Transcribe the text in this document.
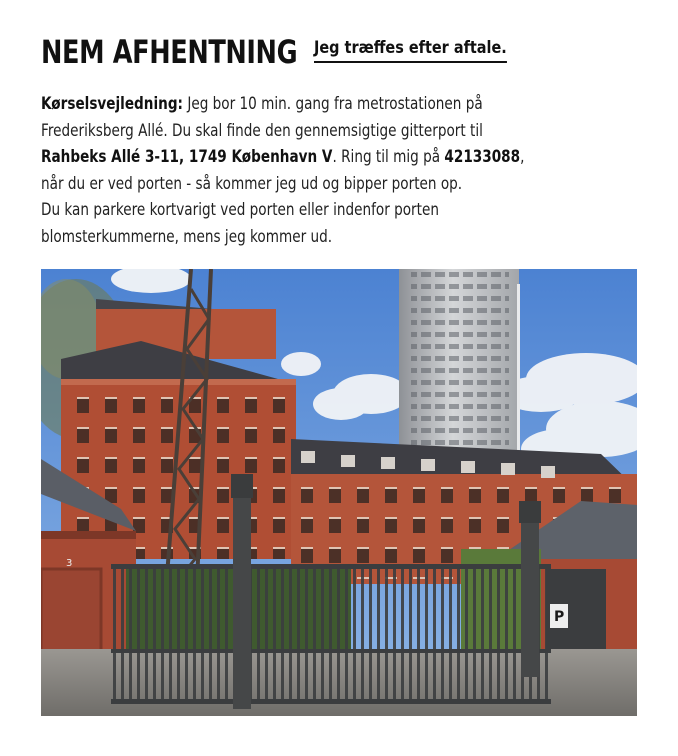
NEM AFHENTNING Jeg træffes efter aftale.
Kørselsvejledning: Jeg bor 10 min. gang fra metrostationen på
Frederiksberg Allé. Du skal finde den gennemsigtige gitterport til
Rahbeks Allé 3-11, 1749 København V. Ring til mig på 42133088,
når du er ved porten - så kommer jeg ud og bipper porten op.
Du kan parkere kortvarigt ved porten eller indenfor porten
blomsterkummerne, mens jeg kommer ud.
3
P
